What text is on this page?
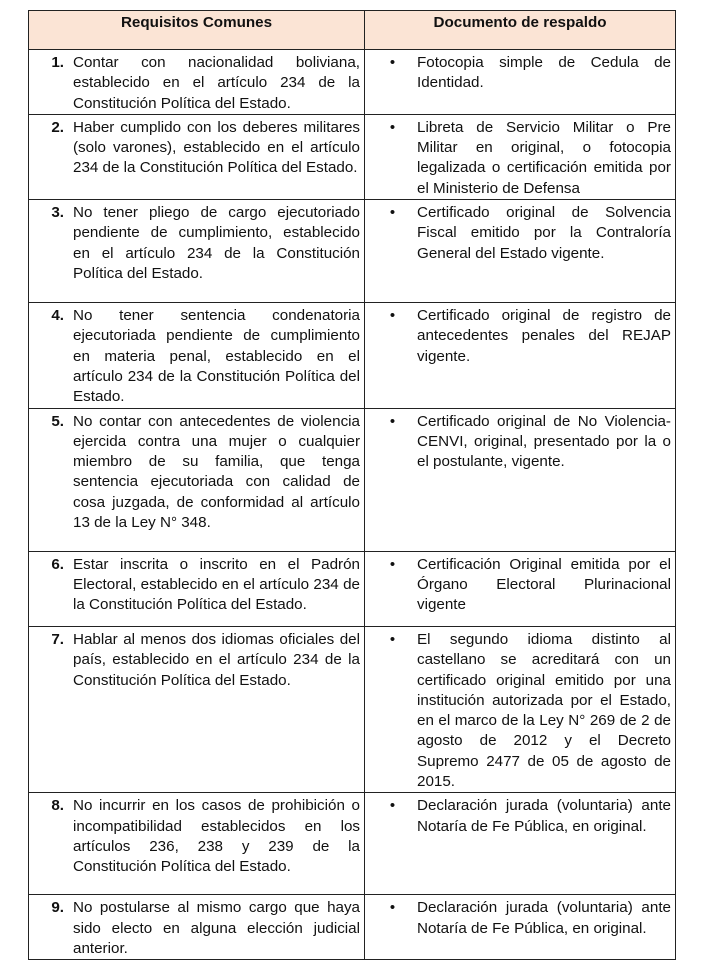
Requisitos Comunes	Documento de respaldo

1. Contar con nacionalidad boliviana, establecido en el artículo 234 de la Constitución Política del Estado.	• Fotocopia simple de Cedula de Identidad.

2. Haber cumplido con los deberes militares (solo varones), establecido en el artículo 234 de la Constitución Política del Estado.	• Libreta de Servicio Militar o Pre Militar en original, o fotocopia legalizada o certificación emitida por el Ministerio de Defensa

3. No tener pliego de cargo ejecutoriado pendiente de cumplimiento, establecido en el artículo 234 de la Constitución Política del Estado.	• Certificado original de Solvencia Fiscal emitido por la Contraloría General del Estado vigente.

4. No tener sentencia condenatoria ejecutoriada pendiente de cumplimiento en materia penal, establecido en el artículo 234 de la Constitución Política del Estado.	• Certificado original de registro de antecedentes penales del REJAP vigente.

5. No contar con antecedentes de violencia ejercida contra una mujer o cualquier miembro de su familia, que tenga sentencia ejecutoriada con calidad de cosa juzgada, de conformidad al artículo 13 de la Ley N° 348.	• Certificado original de No Violencia- CENVI, original, presentado por la o el postulante, vigente.

6. Estar inscrita o inscrito en el Padrón Electoral, establecido en el artículo 234 de la Constitución Política del Estado.	• Certificación Original emitida por el Órgano Electoral Plurinacional vigente
7. Hablar al menos dos idiomas oficiales del país, establecido en el artículo 234 de la Constitución Política del Estado.	• El segundo idioma distinto al castellano se acreditará con un certificado original emitido por una institución autorizada por el Estado, en el marco de la Ley N° 269 de 2 de agosto de 2012 y el Decreto Supremo 2477 de 05 de agosto de 2015.

8. No incurrir en los casos de prohibición o incompatibilidad establecidos en los artículos 236, 238 y 239 de la Constitución Política del Estado.	• Declaración jurada (voluntaria) ante Notaría de Fe Pública, en original.

9. No postularse al mismo cargo que haya sido electo en alguna elección judicial anterior.	• Declaración jurada (voluntaria) ante Notaría de Fe Pública, en original.
